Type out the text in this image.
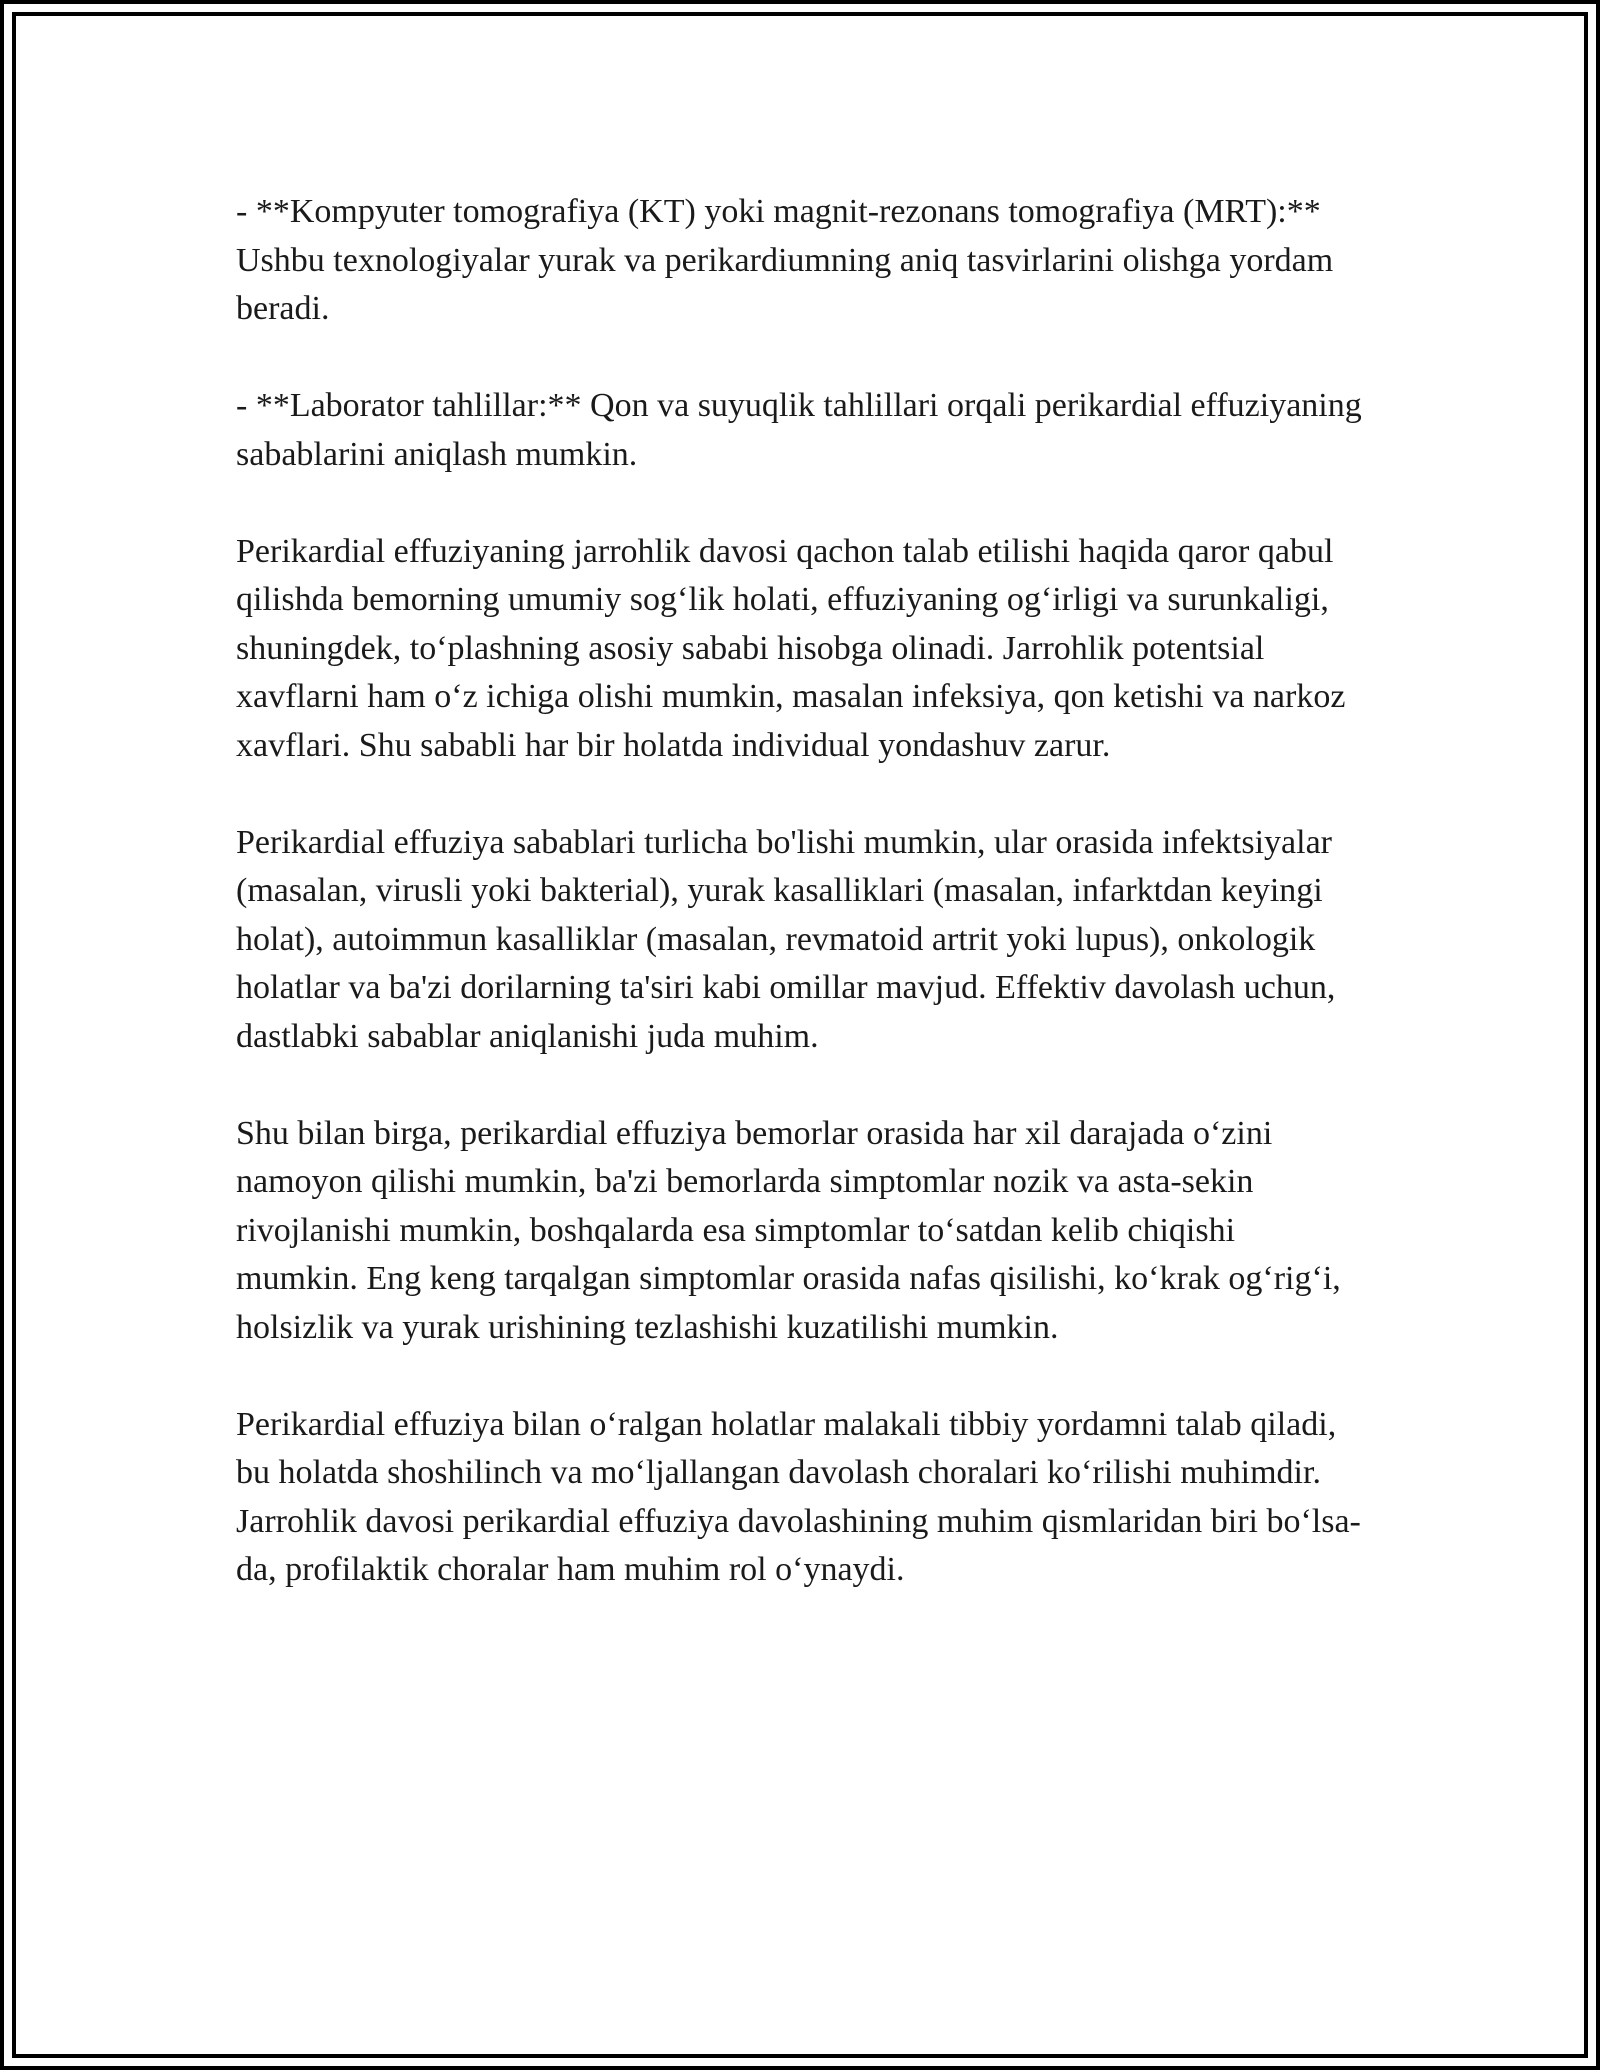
- **Kompyuter tomografiya (KT) yoki magnit-rezonans tomografiya (MRT):** Ushbu texnologiyalar yurak va perikardiumning aniq tasvirlarini olishga yordam beradi.

- **Laborator tahlillar:** Qon va suyuqlik tahlillari orqali perikardial effuziyaning sabablarini aniqlash mumkin.

Perikardial effuziyaning jarrohlik davosi qachon talab etilishi haqida qaror qabul qilishda bemorning umumiy sog‘lik holati, effuziyaning og‘irligi va surunkaligi, shuningdek, to‘plashning asosiy sababi hisobga olinadi. Jarrohlik potentsial xavflarni ham o‘z ichiga olishi mumkin, masalan infeksiya, qon ketishi va narkoz xavflari. Shu sababli har bir holatda individual yondashuv zarur.

Perikardial effuziya sabablari turlicha bo'lishi mumkin, ular orasida infektsiyalar (masalan, virusli yoki bakterial), yurak kasalliklari (masalan, infarktdan keyingi holat), autoimmun kasalliklar (masalan, revmatoid artrit yoki lupus), onkologik holatlar va ba'zi dorilarning ta'siri kabi omillar mavjud. Effektiv davolash uchun, dastlabki sabablar aniqlanishi juda muhim.

Shu bilan birga, perikardial effuziya bemorlar orasida har xil darajada o‘zini namoyon qilishi mumkin, ba'zi bemorlarda simptomlar nozik va asta-sekin rivojlanishi mumkin, boshqalarda esa simptomlar to‘satdan kelib chiqishi mumkin. Eng keng tarqalgan simptomlar orasida nafas qisilishi, ko‘krak og‘rig‘i, holsizlik va yurak urishining tezlashishi kuzatilishi mumkin.

Perikardial effuziya bilan o‘ralgan holatlar malakali tibbiy yordamni talab qiladi, bu holatda shoshilinch va mo‘ljallangan davolash choralari ko‘rilishi muhimdir. Jarrohlik davosi perikardial effuziya davolashining muhim qismlaridan biri bo‘lsa-da, profilaktik choralar ham muhim rol o‘ynaydi.
